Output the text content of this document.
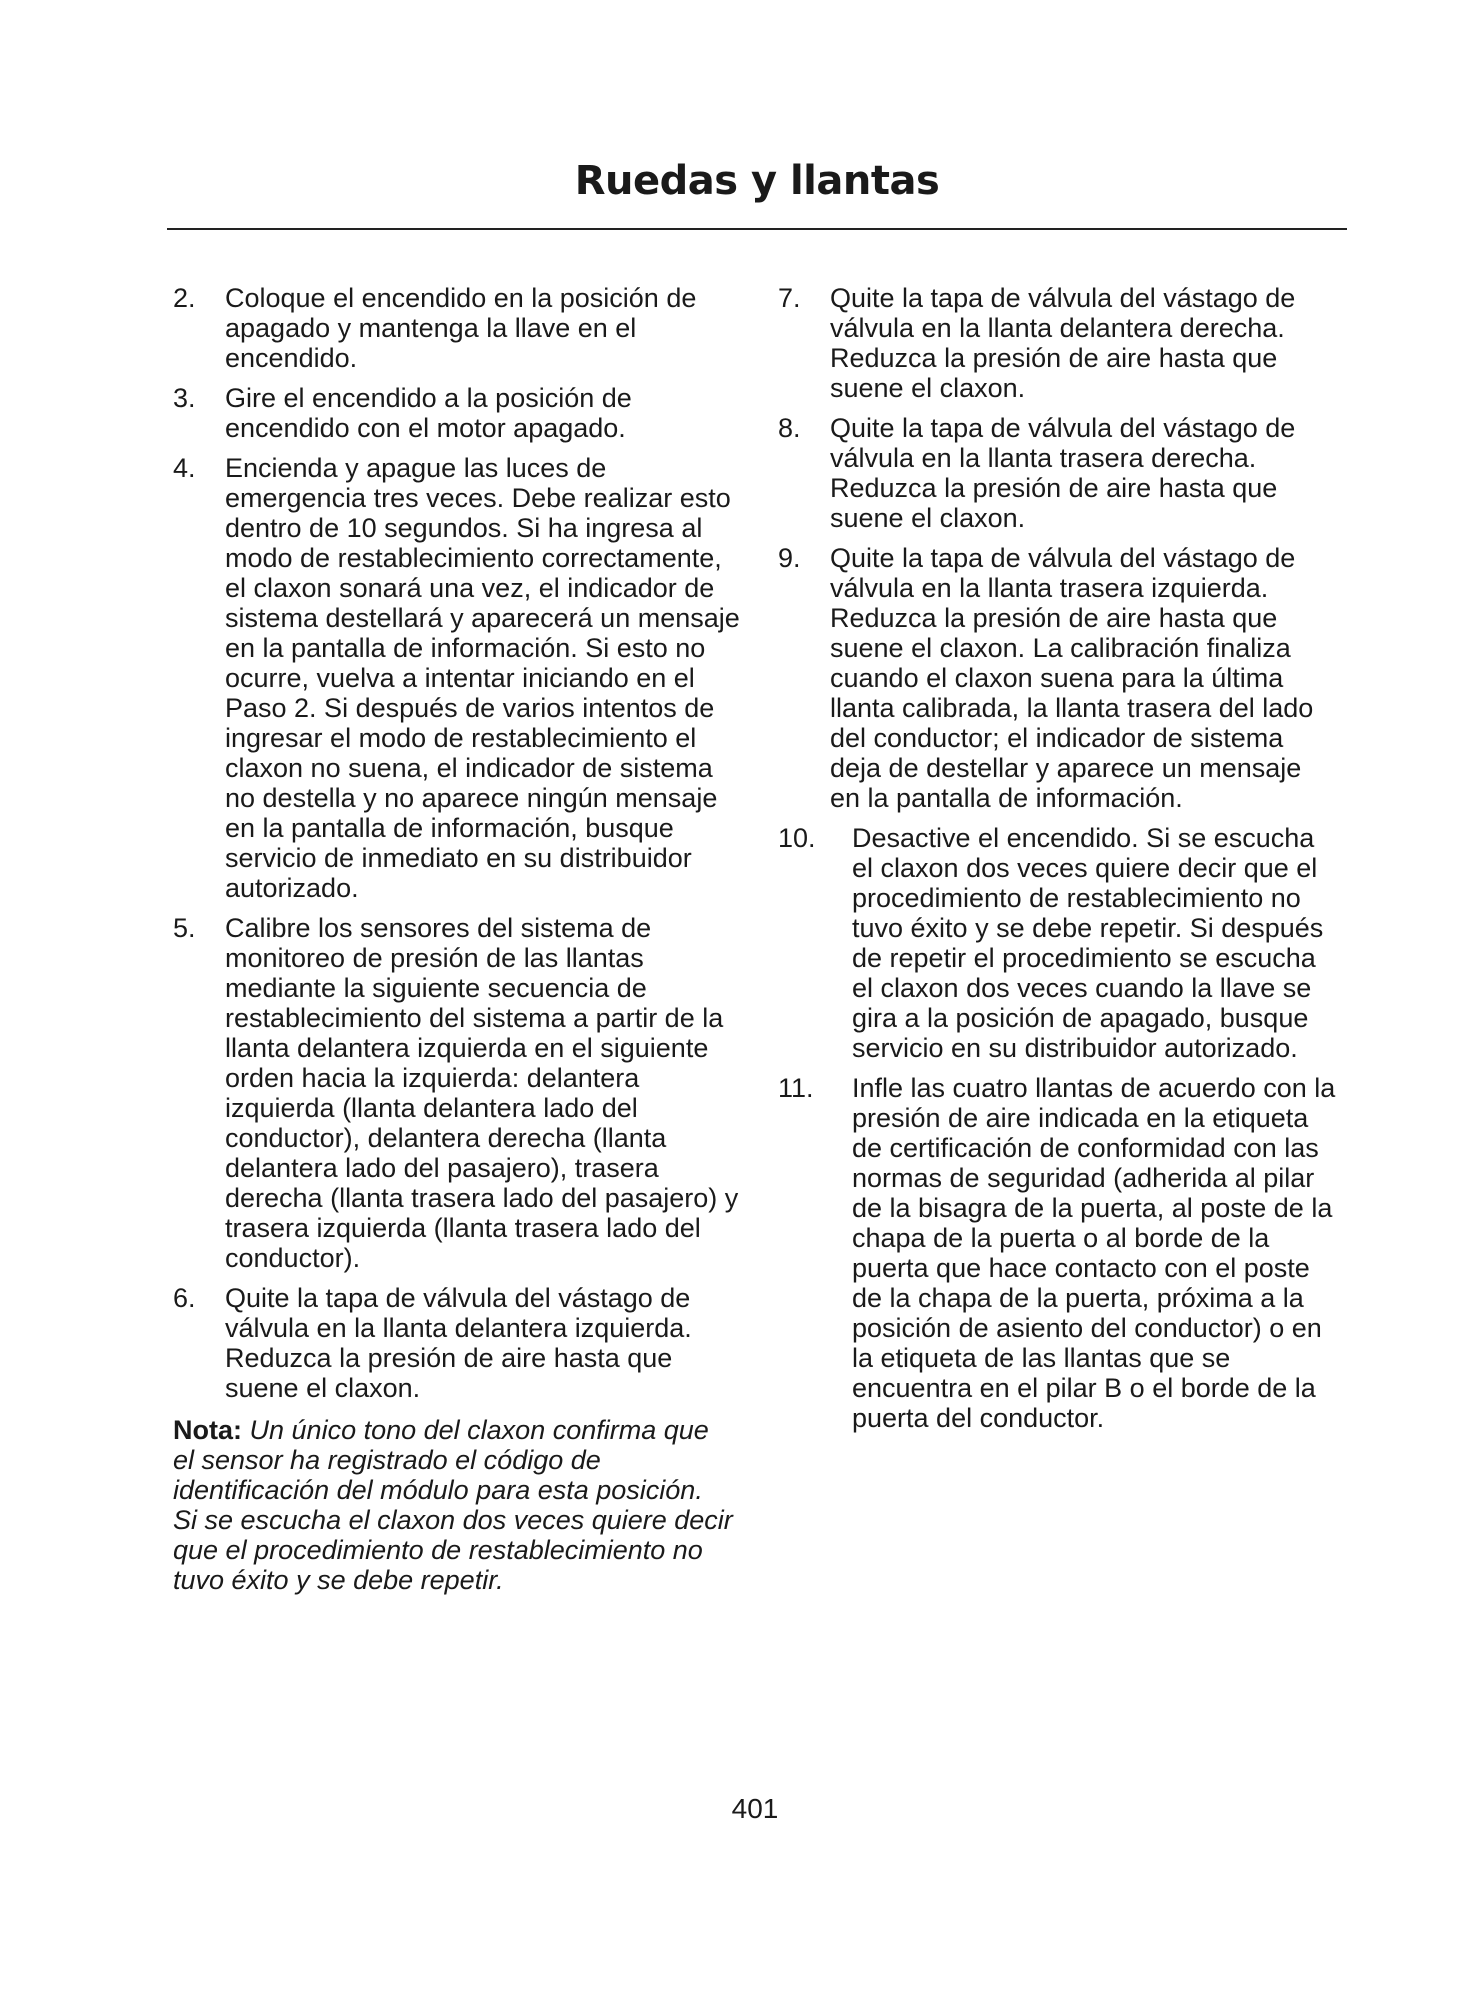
Ruedas y llantas
2. Coloque el encendido en la posición de apagado y mantenga la llave en el encendido.
3. Gire el encendido a la posición de encendido con el motor apagado.
4. Encienda y apague las luces de emergencia tres veces. Debe realizar esto dentro de 10 segundos. Si ha ingresa al modo de restablecimiento correctamente, el claxon sonará una vez, el indicador de sistema destellará y aparecerá un mensaje en la pantalla de información. Si esto no ocurre, vuelva a intentar iniciando en el Paso 2. Si después de varios intentos de ingresar el modo de restablecimiento el claxon no suena, el indicador de sistema no destella y no aparece ningún mensaje en la pantalla de información, busque servicio de inmediato en su distribuidor autorizado.
5. Calibre los sensores del sistema de monitoreo de presión de las llantas mediante la siguiente secuencia de restablecimiento del sistema a partir de la llanta delantera izquierda en el siguiente orden hacia la izquierda: delantera izquierda (llanta delantera lado del conductor), delantera derecha (llanta delantera lado del pasajero), trasera derecha (llanta trasera lado del pasajero) y trasera izquierda (llanta trasera lado del conductor).
6. Quite la tapa de válvula del vástago de válvula en la llanta delantera izquierda. Reduzca la presión de aire hasta que suene el claxon.
Nota: Un único tono del claxon confirma que el sensor ha registrado el código de identificación del módulo para esta posición. Si se escucha el claxon dos veces quiere decir que el procedimiento de restablecimiento no tuvo éxito y se debe repetir.
7. Quite la tapa de válvula del vástago de válvula en la llanta delantera derecha. Reduzca la presión de aire hasta que suene el claxon.
8. Quite la tapa de válvula del vástago de válvula en la llanta trasera derecha. Reduzca la presión de aire hasta que suene el claxon.
9. Quite la tapa de válvula del vástago de válvula en la llanta trasera izquierda. Reduzca la presión de aire hasta que suene el claxon. La calibración finaliza cuando el claxon suena para la última llanta calibrada, la llanta trasera del lado del conductor; el indicador de sistema deja de destellar y aparece un mensaje en la pantalla de información.
10. Desactive el encendido. Si se escucha el claxon dos veces quiere decir que el procedimiento de restablecimiento no tuvo éxito y se debe repetir. Si después de repetir el procedimiento se escucha el claxon dos veces cuando la llave se gira a la posición de apagado, busque servicio en su distribuidor autorizado.
11. Infle las cuatro llantas de acuerdo con la presión de aire indicada en la etiqueta de certificación de conformidad con las normas de seguridad (adherida al pilar de la bisagra de la puerta, al poste de la chapa de la puerta o al borde de la puerta que hace contacto con el poste de la chapa de la puerta, próxima a la posición de asiento del conductor) o en la etiqueta de las llantas que se encuentra en el pilar B o el borde de la puerta del conductor.
401
